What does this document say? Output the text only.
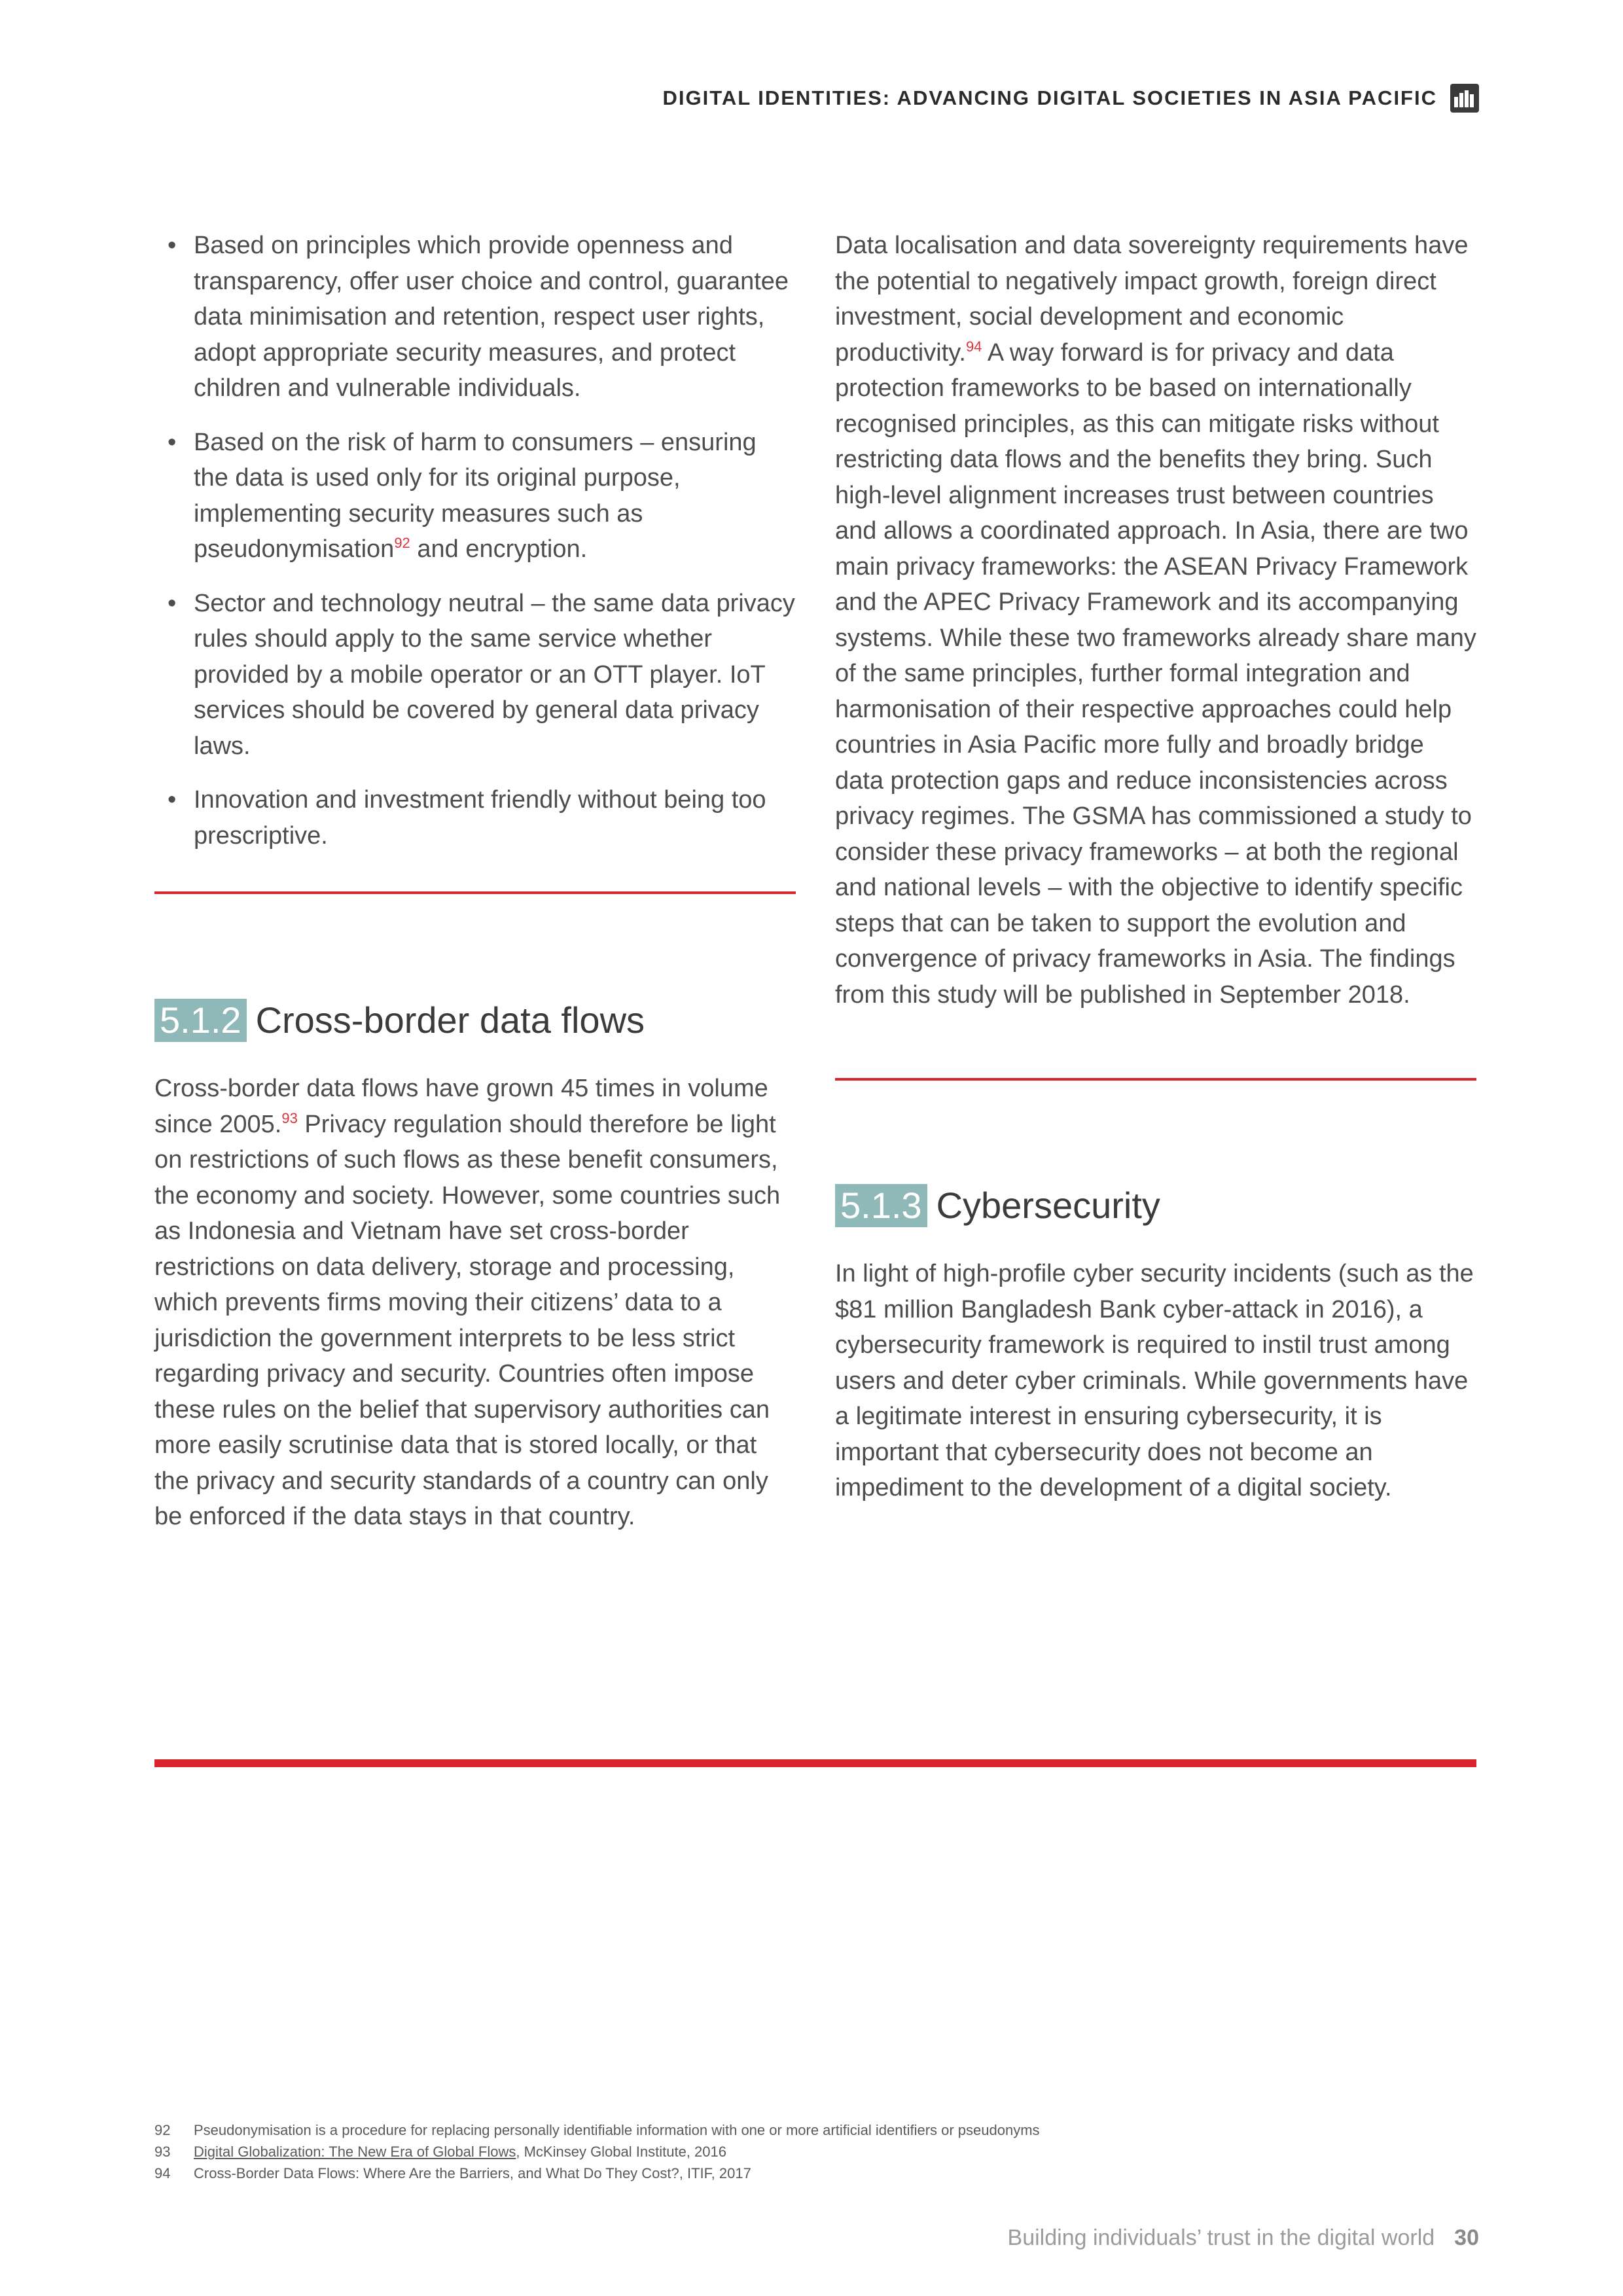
DIGITAL IDENTITIES: ADVANCING DIGITAL SOCIETIES IN ASIA PACIFIC
• Based on principles which provide openness and transparency, offer user choice and control, guarantee data minimisation and retention, respect user rights, adopt appropriate security measures, and protect children and vulnerable individuals.
• Based on the risk of harm to consumers – ensuring the data is used only for its original purpose, implementing security measures such as pseudonymisation$^{92}$ and encryption.
• Sector and technology neutral – the same data privacy rules should apply to the same service whether provided by a mobile operator or an OTT player. IoT services should be covered by general data privacy laws.
• Innovation and investment friendly without being too prescriptive.
5.1.2 Cross-border data flows

Cross-border data flows have grown 45 times in volume since 2005.93 Privacy regulation should therefore be light on restrictions of such flows as these benefit consumers, the economy and society. However, some countries such as Indonesia and Vietnam have set cross-border restrictions on data delivery, storage and processing, which prevents firms moving their citizens’ data to a jurisdiction the government interprets to be less strict regarding privacy and security. Countries often impose these rules on the belief that supervisory authorities can more easily scrutinise data that is stored locally, or that the privacy and security standards of a country can only be enforced if the data stays in that country.

Data localisation and data sovereignty requirements have the potential to negatively impact growth, foreign direct investment, social development and economic productivity.$^{94}$ A way forward is for privacy and data protection frameworks to be based on internationally recognised principles, as this can mitigate risks without restricting data flows and the benefits they bring. Such high-level alignment increases trust between countries and allows a coordinated approach. In Asia, there are two main privacy frameworks: the ASEAN Privacy Framework and the APEC Privacy Framework and its accompanying systems. While these two frameworks already share many of the same principles, further formal integration and harmonisation of their respective approaches could help countries in Asia Pacific more fully and broadly bridge data protection gaps and reduce inconsistencies across privacy regimes. The GSMA has commissioned a study to consider these privacy frameworks – at both the regional and national levels – with the objective to identify specific steps that can be taken to support the evolution and convergence of privacy frameworks in Asia. The findings from this study will be published in September 2018.

5.1.3 Cybersecurity

In light of high-profile cyber security incidents (such as the $81 million Bangladesh Bank cyber-attack in 2016), a cybersecurity framework is required to instil trust among users and deter cyber criminals. While governments have a legitimate interest in ensuring cybersecurity, it is important that cybersecurity does not become an impediment to the development of a digital society.

92	Pseudonymisation is a procedure for replacing personally identifiable information with one or more artificial identifiers or pseudonyms
93	Digital Globalization: The New Era of Global Flows, McKinsey Global Institute, 2016
94	Cross-Border Data Flows: Where Are the Barriers, and What Do They Cost?, ITIF, 2017
Building individuals’ trust in the digital world 30
